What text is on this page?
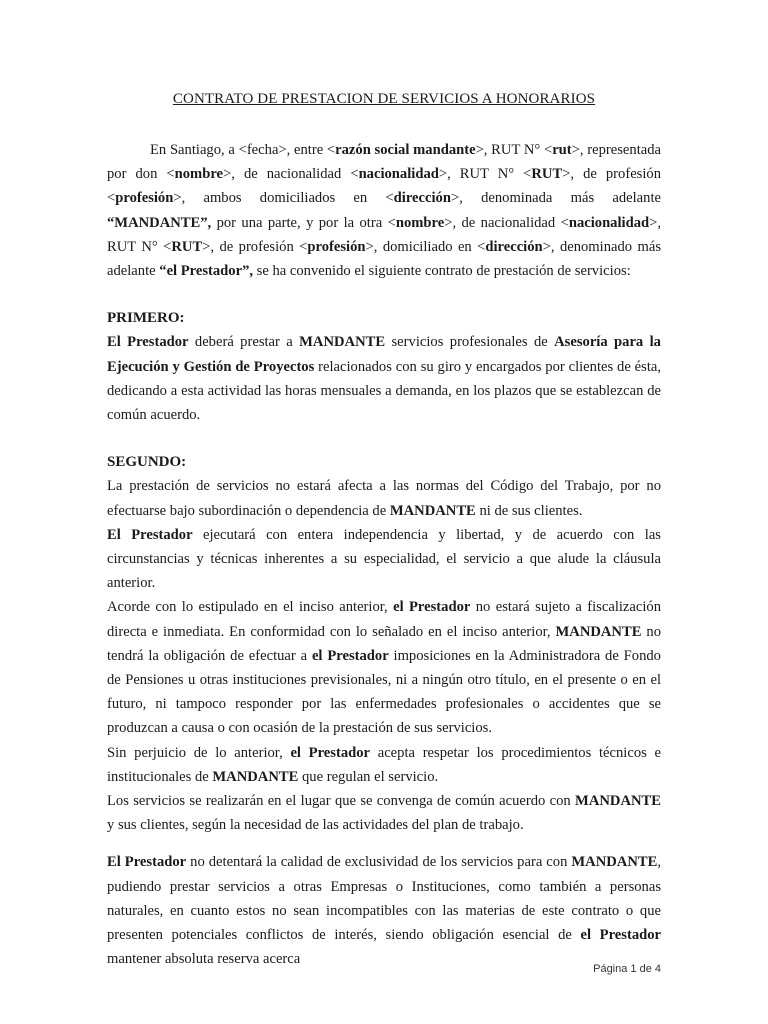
CONTRATO DE PRESTACION DE SERVICIOS A HONORARIOS

En Santiago, a <fecha>, entre <razón social mandante>, RUT N° <rut>, representada por don <nombre>, de nacionalidad <nacionalidad>, RUT N° <RUT>, de profesión <profesión>, ambos domiciliados en <dirección>, denominada más adelante “MANDANTE”, por una parte, y por la otra <nombre>, de nacionalidad <nacionalidad>, RUT N° <RUT>, de profesión <profesión>, domiciliado en <dirección>, denominado más adelante “el Prestador”, se ha convenido el siguiente contrato de prestación de servicios:

PRIMERO:

El Prestador deberá prestar a MANDANTE servicios profesionales de Asesoría para la Ejecución y Gestión de Proyectos relacionados con su giro y encargados por clientes de ésta, dedicando a esta actividad las horas mensuales a demanda, en los plazos que se establezcan de común acuerdo.

SEGUNDO:

La prestación de servicios no estará afecta a las normas del Código del Trabajo, por no efectuarse bajo subordinación o dependencia de MANDANTE ni de sus clientes.

El Prestador ejecutará con entera independencia y libertad, y de acuerdo con las circunstancias y técnicas inherentes a su especialidad, el servicio a que alude la cláusula anterior.

Acorde con lo estipulado en el inciso anterior, el Prestador no estará sujeto a fiscalización directa e inmediata. En conformidad con lo señalado en el inciso anterior, MANDANTE no tendrá la obligación de efectuar a el Prestador imposiciones en la Administradora de Fondo de Pensiones u otras instituciones previsionales, ni a ningún otro título, en el presente o en el futuro, ni tampoco responder por las enfermedades profesionales o accidentes que se produzcan a causa o con ocasión de la prestación de sus servicios.

Sin perjuicio de lo anterior, el Prestador acepta respetar los procedimientos técnicos e institucionales de MANDANTE que regulan el servicio.

Los servicios se realizarán en el lugar que se convenga de común acuerdo con MANDANTE y sus clientes, según la necesidad de las actividades del plan de trabajo.

El Prestador no detentará la calidad de exclusividad de los servicios para con MANDANTE, pudiendo prestar servicios a otras Empresas o Instituciones, como también a personas naturales, en cuanto estos no sean incompatibles con las materias de este contrato o que presenten potenciales conflictos de interés, siendo obligación esencial de el Prestador mantener absoluta reserva acerca

Página 1 de 4
